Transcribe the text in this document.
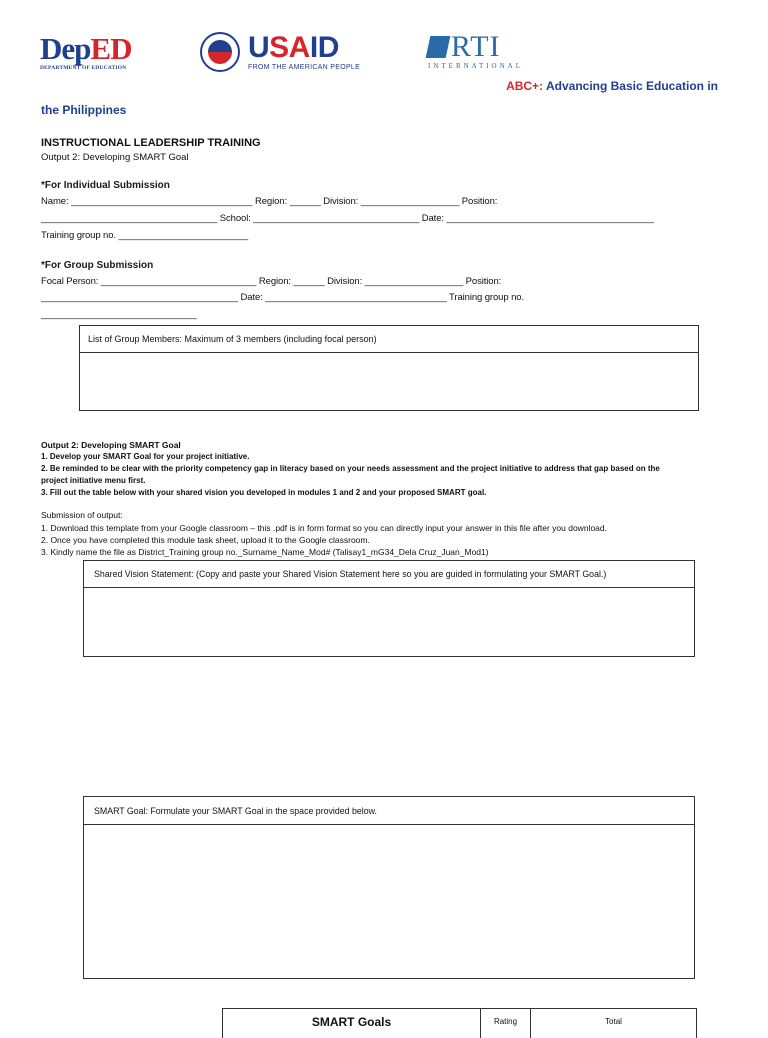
DepED
DEPARTMENT OF EDUCATION
USAID
FROM THE AMERICAN PEOPLE
RTI
INTERNATIONAL
ABC+: Advancing Basic Education in
the Philippines
INSTRUCTIONAL LEADERSHIP TRAINING
Output 2: Developing SMART Goal
*For Individual Submission
Name: ___________________________________ Region: ______ Division: ___________________ Position:
__________________________________ School: ________________________________ Date: ________________________________________
Training group no. _________________________
*For Group Submission
Focal Person: ______________________________ Region: ______ Division: ___________________ Position:
______________________________________ Date: ___________________________________ Training group no.
______________________________
List of Group Members: Maximum of 3 members (including focal person)
Output 2: Developing SMART Goal
1. Develop your SMART Goal for your project initiative.
2. Be reminded to be clear with the priority competency gap in literacy based on your needs assessment and the project initiative to address that gap based on the
project initiative menu first.
3. Fill out the table below with your shared vision you developed in modules 1 and 2 and your proposed SMART goal.
Submission of output:
1. Download this template from your Google classroom – this .pdf is in form format so you can directly input your answer in this file after you download.
2. Once you have completed this module task sheet, upload it to the Google classroom.
3. Kindly name the file as District_Training group no._Surname_Name_Mod# (Talisay1_mG34_Dela Cruz_Juan_Mod1)
Shared Vision Statement: (Copy and paste your Shared Vision Statement here so you are guided in formulating your SMART Goal.)
SMART Goal: Formulate your SMART Goal in the space provided below.
SMART Goals	Rating	Total
